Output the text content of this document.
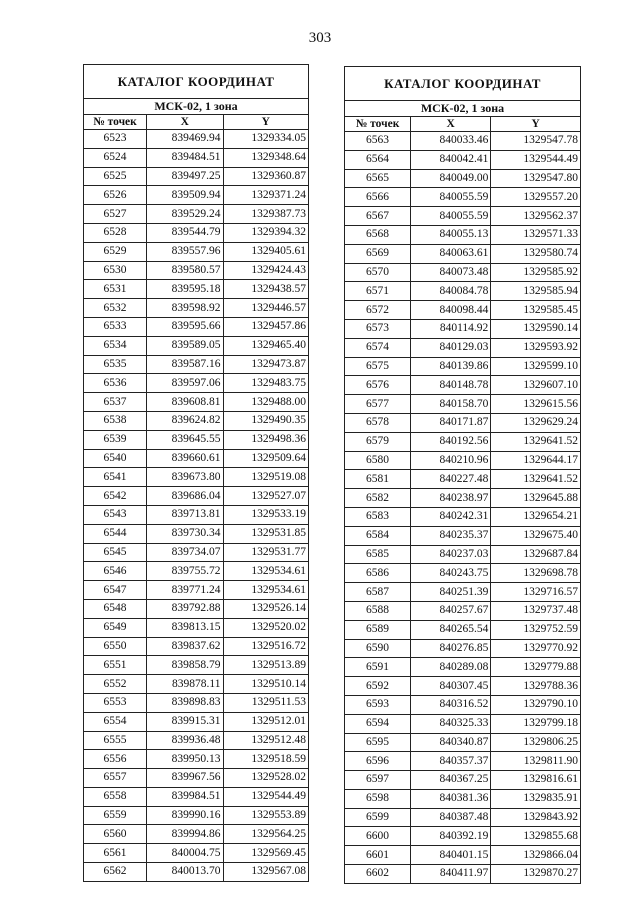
303
КАТАЛОГ КООРДИНАТ		
МСК-02, 1 зона		
№ точек	X	Y
6523	839469.94	1329334.05
6524	839484.51	1329348.64
6525	839497.25	1329360.87
6526	839509.94	1329371.24
6527	839529.24	1329387.73
6528	839544.79	1329394.32
6529	839557.96	1329405.61
6530	839580.57	1329424.43
6531	839595.18	1329438.57
6532	839598.92	1329446.57
6533	839595.66	1329457.86
6534	839589.05	1329465.40
6535	839587.16	1329473.87
6536	839597.06	1329483.75
6537	839608.81	1329488.00
6538	839624.82	1329490.35
6539	839645.55	1329498.36
6540	839660.61	1329509.64
6541	839673.80	1329519.08
6542	839686.04	1329527.07
6543	839713.81	1329533.19
6544	839730.34	1329531.85
6545	839734.07	1329531.77
6546	839755.72	1329534.61
6547	839771.24	1329534.61
6548	839792.88	1329526.14
6549	839813.15	1329520.02
6550	839837.62	1329516.72
6551	839858.79	1329513.89
6552	839878.11	1329510.14
6553	839898.83	1329511.53
6554	839915.31	1329512.01
6555	839936.48	1329512.48
6556	839950.13	1329518.59
6557	839967.56	1329528.02
6558	839984.51	1329544.49
6559	839990.16	1329553.89
6560	839994.86	1329564.25
6561	840004.75	1329569.45
6562	840013.70	1329567.08
КАТАЛОГ КООРДИНАТ		
МСК-02, 1 зона		
№ точек	X	Y
6563	840033.46	1329547.78
6564	840042.41	1329544.49
6565	840049.00	1329547.80
6566	840055.59	1329557.20
6567	840055.59	1329562.37
6568	840055.13	1329571.33
6569	840063.61	1329580.74
6570	840073.48	1329585.92
6571	840084.78	1329585.94
6572	840098.44	1329585.45
6573	840114.92	1329590.14
6574	840129.03	1329593.92
6575	840139.86	1329599.10
6576	840148.78	1329607.10
6577	840158.70	1329615.56
6578	840171.87	1329629.24
6579	840192.56	1329641.52
6580	840210.96	1329644.17
6581	840227.48	1329641.52
6582	840238.97	1329645.88
6583	840242.31	1329654.21
6584	840235.37	1329675.40
6585	840237.03	1329687.84
6586	840243.75	1329698.78
6587	840251.39	1329716.57
6588	840257.67	1329737.48
6589	840265.54	1329752.59
6590	840276.85	1329770.92
6591	840289.08	1329779.88
6592	840307.45	1329788.36
6593	840316.52	1329790.10
6594	840325.33	1329799.18
6595	840340.87	1329806.25
6596	840357.37	1329811.90
6597	840367.25	1329816.61
6598	840381.36	1329835.91
6599	840387.48	1329843.92
6600	840392.19	1329855.68
6601	840401.15	1329866.04
6602	840411.97	1329870.27
